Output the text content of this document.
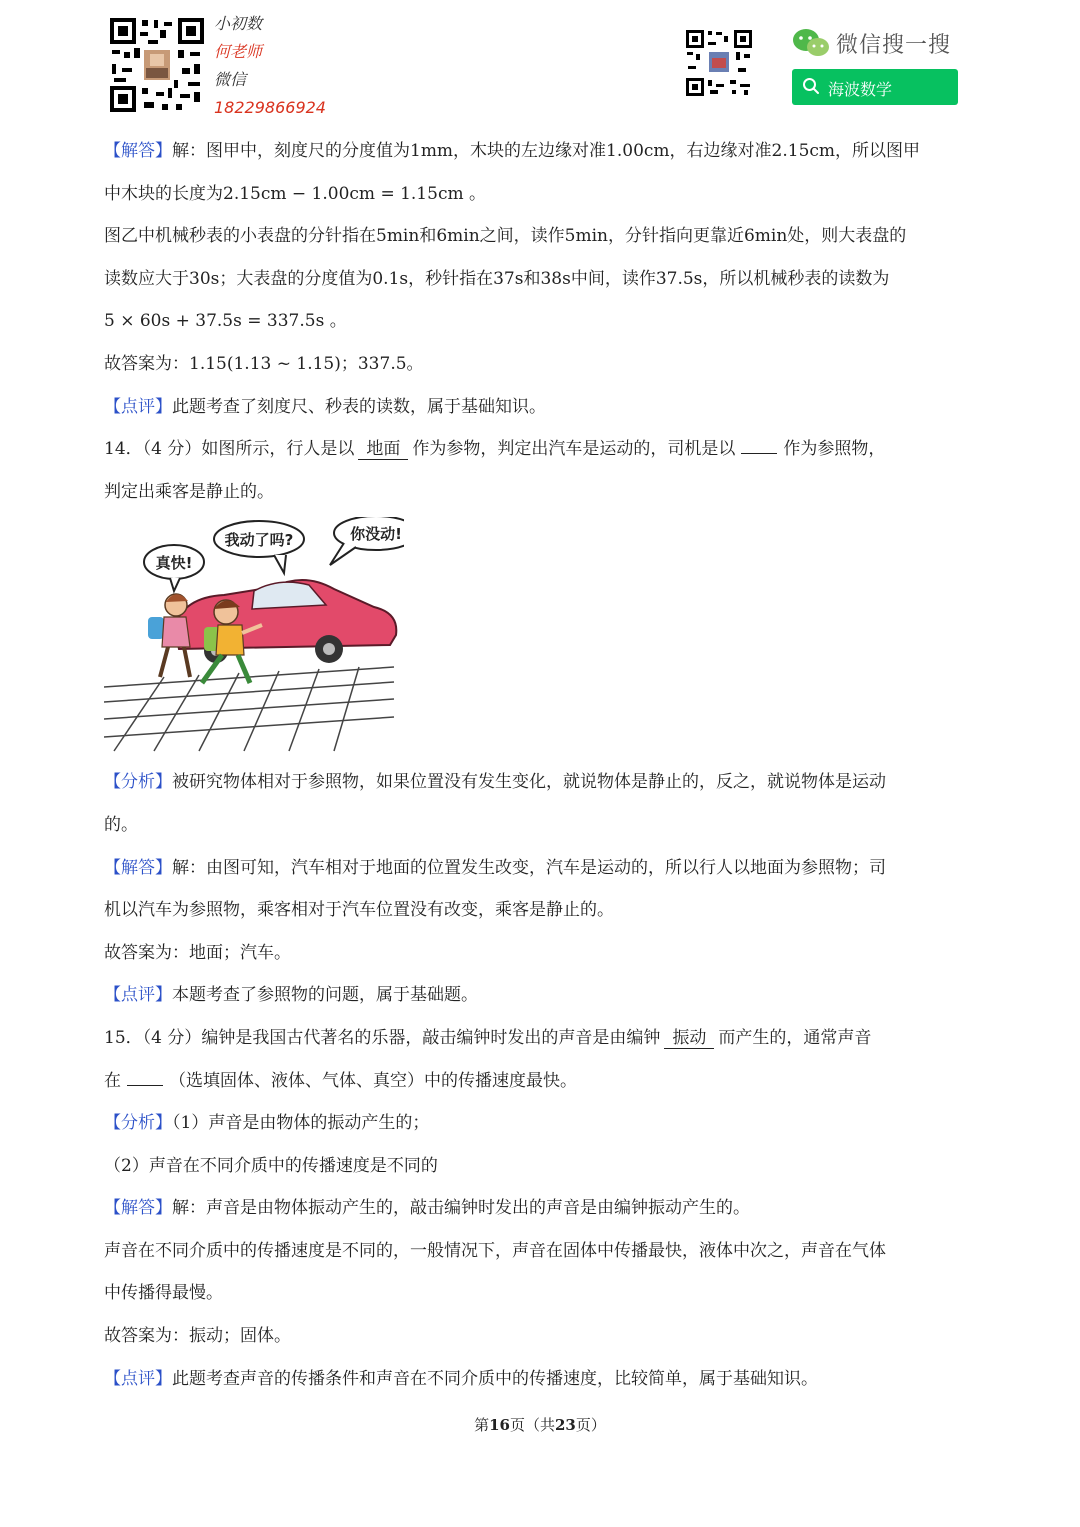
小初数
何老师
微信
18229866924
微信搜一搜
海波数学

【解答】解：图甲中，刻度尺的分度值为1mm，木块的左边缘对准1.00cm，右边缘对准2.15cm，所以图甲

中木块的长度为2.15cm − 1.00cm = 1.15cm 。

图乙中机械秒表的小表盘的分针指在5min和6min之间，读作5min，分针指向更靠近6min处，则大表盘的

读数应大于30s；大表盘的分度值为0.1s，秒针指在37s和38s中间，读作37.5s，所以机械秒表的读数为

5 × 60s + 37.5s = 337.5s 。

故答案为：1.15(1.13 ~ 1.15)；337.5。

【点评】此题考查了刻度尺、秒表的读数，属于基础知识。

14．（4 分）如图所示，行人是以 地面 作为参物，判定出汽车是运动的，司机是以	作为参照物，

判定出乘客是静止的。

真快!
我动了吗?	你没动!

【分析】被研究物体相对于参照物，如果位置没有发生变化，就说物体是静止的，反之，就说物体是运动

的。

【解答】解：由图可知，汽车相对于地面的位置发生改变，汽车是运动的，所以行人以地面为参照物；司

机以汽车为参照物，乘客相对于汽车位置没有改变，乘客是静止的。

故答案为：地面；汽车。

【点评】本题考查了参照物的问题，属于基础题。

15．（4 分）编钟是我国古代著名的乐器，敲击编钟时发出的声音是由编钟 振动 而产生的，通常声音

在	（选填固体、液体、气体、真空）中的传播速度最快。

【分析】（1）声音是由物体的振动产生的；

（2）声音在不同介质中的传播速度是不同的

【解答】解：声音是由物体振动产生的，敲击编钟时发出的声音是由编钟振动产生的。

声音在不同介质中的传播速度是不同的，一般情况下，声音在固体中传播最快，液体中次之，声音在气体

中传播得最慢。

故答案为：振动；固体。

【点评】此题考查声音的传播条件和声音在不同介质中的传播速度，比较简单，属于基础知识。

第16页（共23页）
